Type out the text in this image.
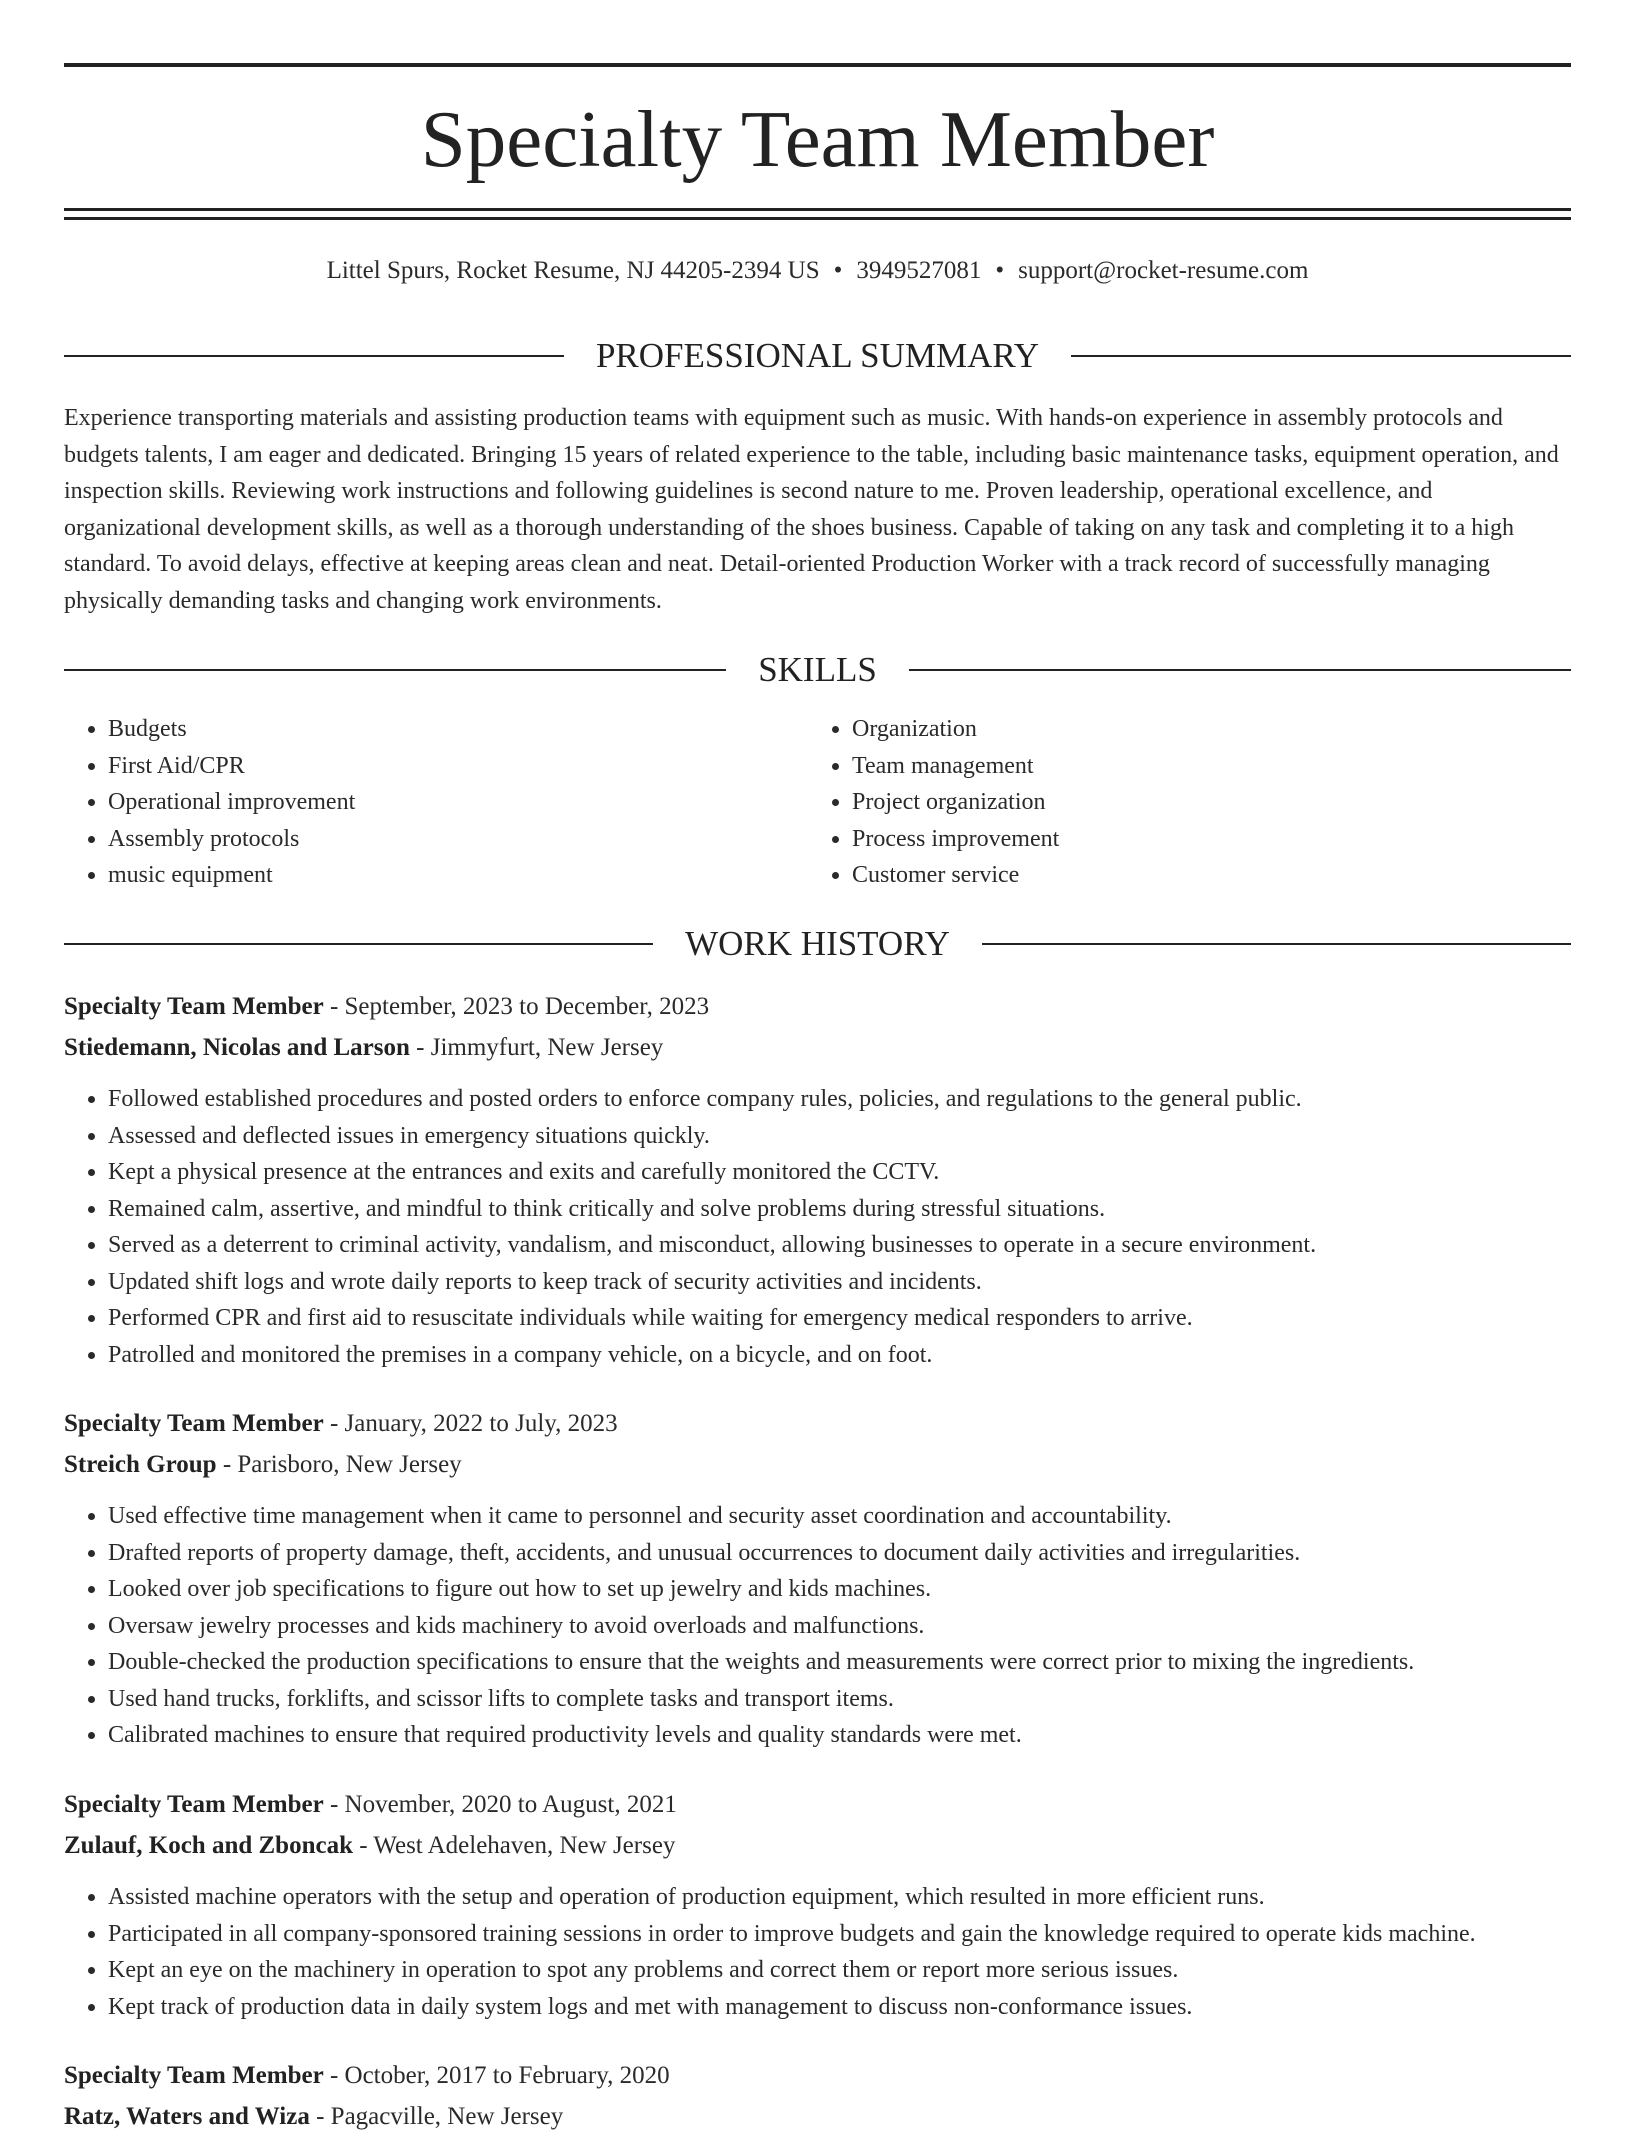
Specialty Team Member
Littel Spurs, Rocket Resume, NJ 44205-2394 US • 3949527081 • support@rocket-resume.com
PROFESSIONAL SUMMARY

Experience transporting materials and assisting production teams with equipment such as music. With hands-on experience in assembly protocols and budgets talents, I am eager and dedicated. Bringing 15 years of related experience to the table, including basic maintenance tasks, equipment operation, and inspection skills. Reviewing work instructions and following guidelines is second nature to me. Proven leadership, operational excellence, and organizational development skills, as well as a thorough understanding of the shoes business. Capable of taking on any task and completing it to a high standard. To avoid delays, effective at keeping areas clean and neat. Detail-oriented Production Worker with a track record of successfully managing physically demanding tasks and changing work environments.

SKILLS
• Budgets
• First Aid/CPR
• Operational improvement
• Assembly protocols
• music equipment
• Organization
• Team management
• Project organization
• Process improvement
• Customer service
WORK HISTORY
Specialty Team Member - September, 2023 to December, 2023
Stiedemann, Nicolas and Larson - Jimmyfurt, New Jersey
• Followed established procedures and posted orders to enforce company rules, policies, and regulations to the general public.
• Assessed and deflected issues in emergency situations quickly.
• Kept a physical presence at the entrances and exits and carefully monitored the CCTV.
• Remained calm, assertive, and mindful to think critically and solve problems during stressful situations.
• Served as a deterrent to criminal activity, vandalism, and misconduct, allowing businesses to operate in a secure environment.
• Updated shift logs and wrote daily reports to keep track of security activities and incidents.
• Performed CPR and first aid to resuscitate individuals while waiting for emergency medical responders to arrive.
• Patrolled and monitored the premises in a company vehicle, on a bicycle, and on foot.
Specialty Team Member - January, 2022 to July, 2023
Streich Group - Parisboro, New Jersey
• Used effective time management when it came to personnel and security asset coordination and accountability.
• Drafted reports of property damage, theft, accidents, and unusual occurrences to document daily activities and irregularities.
• Looked over job specifications to figure out how to set up jewelry and kids machines.
• Oversaw jewelry processes and kids machinery to avoid overloads and malfunctions.
• Double-checked the production specifications to ensure that the weights and measurements were correct prior to mixing the ingredients.
• Used hand trucks, forklifts, and scissor lifts to complete tasks and transport items.
• Calibrated machines to ensure that required productivity levels and quality standards were met.
Specialty Team Member - November, 2020 to August, 2021
Zulauf, Koch and Zboncak - West Adelehaven, New Jersey
• Assisted machine operators with the setup and operation of production equipment, which resulted in more efficient runs.
• Participated in all company-sponsored training sessions in order to improve budgets and gain the knowledge required to operate kids machine.
• Kept an eye on the machinery in operation to spot any problems and correct them or report more serious issues.
• Kept track of production data in daily system logs and met with management to discuss non-conformance issues.
Specialty Team Member - October, 2017 to February, 2020
Ratz, Waters and Wiza - Pagacville, New Jersey
